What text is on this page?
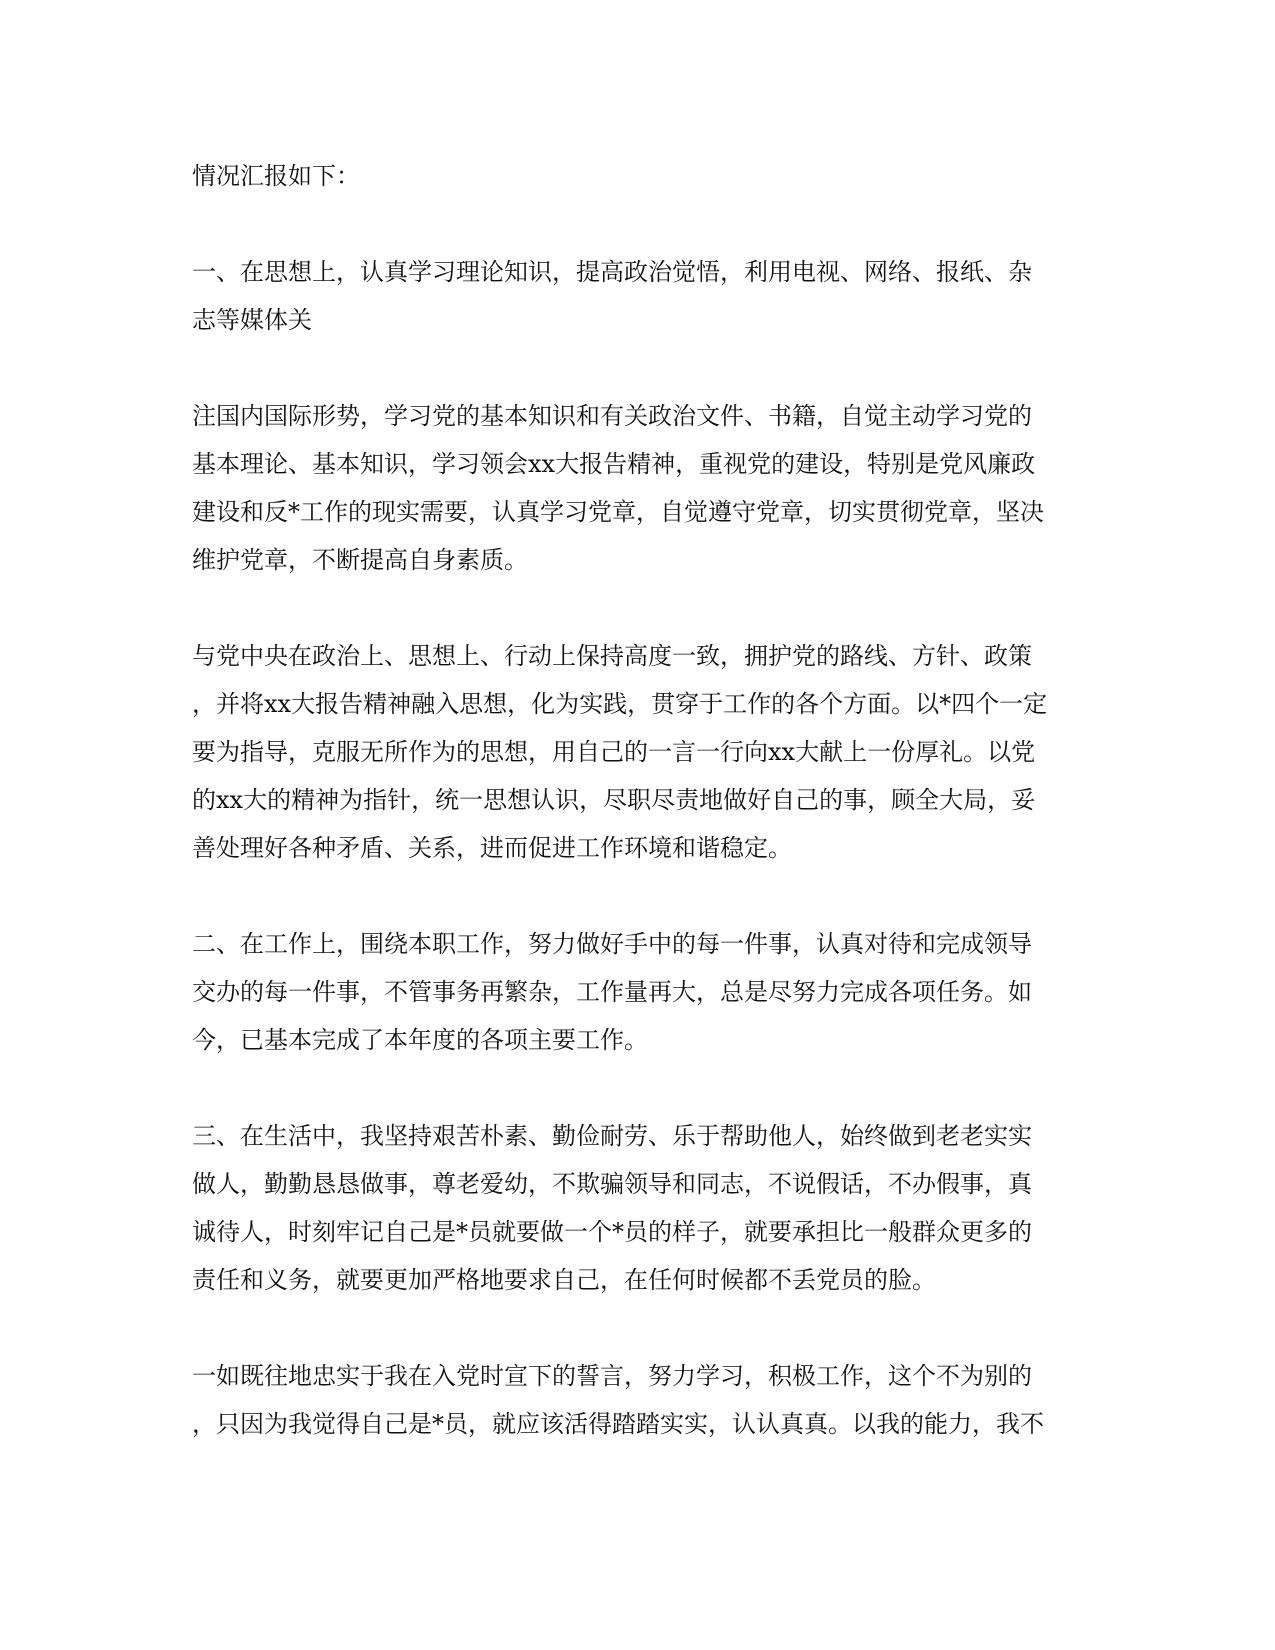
情况汇报如下：

一、在思想上，认真学习理论知识，提高政治觉悟，利用电视、网络、报纸、杂
志等媒体关

注国内国际形势，学习党的基本知识和有关政治文件、书籍，自觉主动学习党的
基本理论、基本知识，学习领会xx大报告精神，重视党的建设，特别是党风廉政
建设和反*工作的现实需要，认真学习党章，自觉遵守党章，切实贯彻党章，坚决
维护党章，不断提高自身素质。

与党中央在政治上、思想上、行动上保持高度一致，拥护党的路线、方针、政策
，并将xx大报告精神融入思想，化为实践，贯穿于工作的各个方面。以*四个一定
要为指导，克服无所作为的思想，用自己的一言一行向xx大献上一份厚礼。以党
的xx大的精神为指针，统一思想认识，尽职尽责地做好自己的事，顾全大局，妥
善处理好各种矛盾、关系，进而促进工作环境和谐稳定。

二、在工作上，围绕本职工作，努力做好手中的每一件事，认真对待和完成领导
交办的每一件事，不管事务再繁杂，工作量再大，总是尽努力完成各项任务。如
今，已基本完成了本年度的各项主要工作。

三、在生活中，我坚持艰苦朴素、勤俭耐劳、乐于帮助他人，始终做到老老实实
做人，勤勤恳恳做事，尊老爱幼，不欺骗领导和同志，不说假话，不办假事，真
诚待人，时刻牢记自己是*员就要做一个*员的样子，就要承担比一般群众更多的
责任和义务，就要更加严格地要求自己，在任何时候都不丢党员的脸。

一如既往地忠实于我在入党时宣下的誓言，努力学习，积极工作，这个不为别的
，只因为我觉得自己是*员，就应该活得踏踏实实，认认真真。以我的能力，我不
